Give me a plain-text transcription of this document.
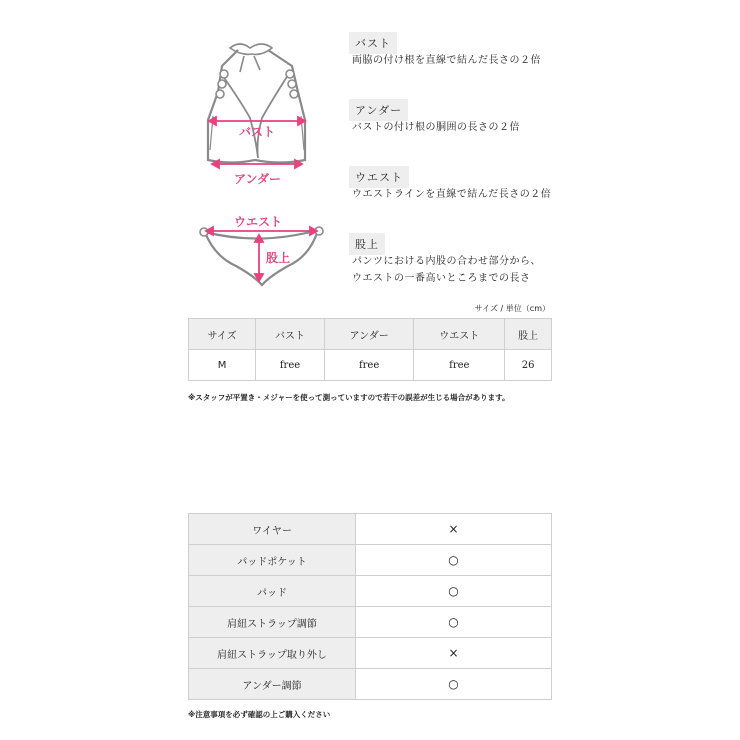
バスト
アンダー
ウエスト
股上
バスト
両脇の付け根を直線で結んだ長さの２倍
アンダー
バストの付け根の胴囲の長さの２倍
ウエスト
ウエストラインを直線で結んだ長さの２倍
股上
パンツにおける内股の合わせ部分から、
ウエストの一番高いところまでの長さ
サイズ / 単位（cm）
サイズ	バスト	アンダー	ウエスト	股上
M	free	free	free	26
※スタッフが平置き・メジャーを使って測っていますので若干の誤差が生じる場合があります。
ワイヤー	×
パッドポケット	○
パッド	○
肩紐ストラップ調節	○
肩紐ストラップ取り外し	×
アンダー調節	○
※注意事項を必ず確認の上ご購入ください
